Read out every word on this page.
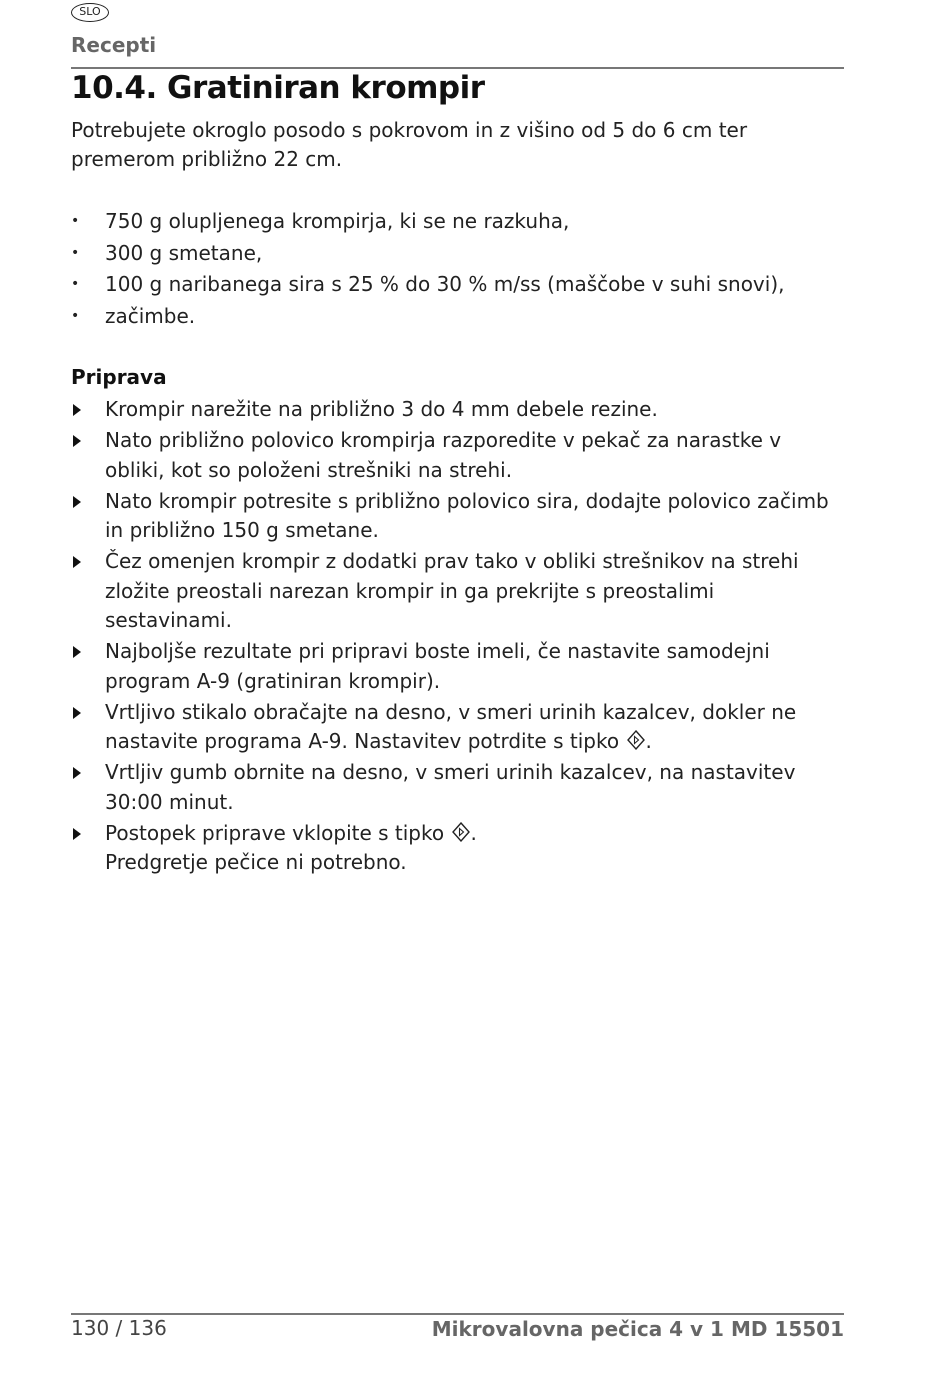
SLO
Recepti
10.4. Gratiniran krompir

Potrebujete okroglo posodo s pokrovom in z višino od 5 do 6 cm ter premerom približno 22 cm.

• 750 g olupljenega krompirja, ki se ne razkuha,
• 300 g smetane,
• 100 g naribanega sira s 25 % do 30 % m/ss (maščobe v suhi snovi),
• začimbe.
Priprava
Krompir narežite na približno 3 do 4 mm debele rezine.
Nato približno polovico krompirja razporedite v pekač za narastke v obliki, kot so položeni strešniki na strehi.
Nato krompir potresite s približno polovico sira, dodajte polovico začimb in približno 150 g smetane.
Čez omenjen krompir z dodatki prav tako v obliki strešnikov na strehi zložite preostali narezan krompir in ga prekrijte s preostalimi sestavinami.
Najboljše rezultate pri pripravi boste imeli, če nastavite samodejni program A-9 (gratiniran krompir).
Vrtljivo stikalo obračajte na desno, v smeri urinih kazalcev, dokler ne nastavite programa A-9. Nastavitev potrdite s tipko .
Vrtljiv gumb obrnite na desno, v smeri urinih kazalcev, na nastavitev 30:00 minut.
Postopek priprave vklopite s tipko .
Predgretje pečice ni potrebno.
130 / 136	Mikrovalovna pečica 4 v 1 MD 15501
